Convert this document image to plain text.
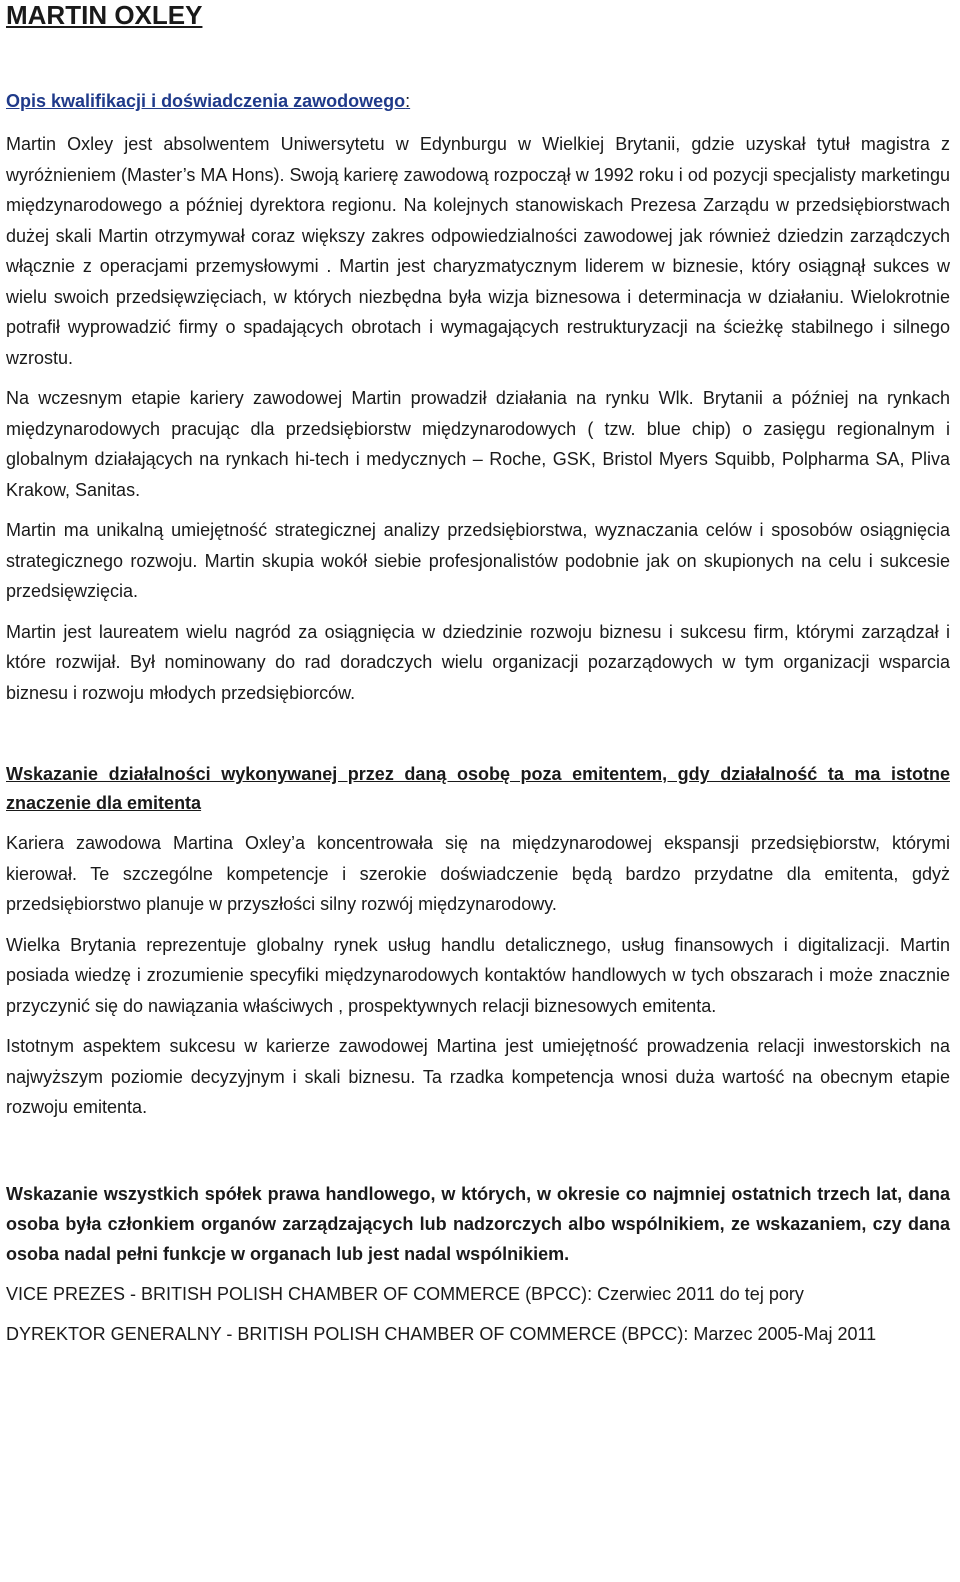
MARTIN OXLEY
Opis kwalifikacji i doświadczenia zawodowego:

Martin Oxley jest absolwentem Uniwersytetu w Edynburgu w Wielkiej Brytanii, gdzie uzyskał tytuł magistra z wyróżnieniem (Master’s MA Hons). Swoją karierę zawodową rozpoczął w 1992 roku i od pozycji specjalisty marketingu międzynarodowego a później dyrektora regionu. Na kolejnych stanowiskach Prezesa Zarządu w przedsiębiorstwach dużej skali Martin otrzymywał coraz większy zakres odpowiedzialności zawodowej jak również dziedzin zarządczych włącznie z operacjami przemysłowymi . Martin jest charyzmatycznym liderem w biznesie, który osiągnął sukces w wielu swoich przedsięwzięciach, w których niezbędna była wizja biznesowa i determinacja w działaniu. Wielokrotnie potrafił wyprowadzić firmy o spadających obrotach i wymagających restrukturyzacji na ścieżkę stabilnego i silnego wzrostu.

Na wczesnym etapie kariery zawodowej Martin prowadził działania na rynku Wlk. Brytanii a później na rynkach międzynarodowych pracując dla przedsiębiorstw międzynarodowych ( tzw. blue chip) o zasięgu regionalnym i globalnym działających na rynkach hi-tech i medycznych – Roche, GSK, Bristol Myers Squibb, Polpharma SA, Pliva Krakow, Sanitas.

Martin ma unikalną umiejętność strategicznej analizy przedsiębiorstwa, wyznaczania celów i sposobów osiągnięcia strategicznego rozwoju. Martin skupia wokół siebie profesjonalistów podobnie jak on skupionych na celu i sukcesie przedsięwzięcia.

Martin jest laureatem wielu nagród za osiągnięcia w dziedzinie rozwoju biznesu i sukcesu firm, którymi zarządzał i które rozwijał. Był nominowany do rad doradczych wielu organizacji pozarządowych w tym organizacji wsparcia biznesu i rozwoju młodych przedsiębiorców.

Wskazanie działalności wykonywanej przez daną osobę poza emitentem, gdy działalność ta ma istotne znaczenie dla emitenta

Kariera zawodowa Martina Oxley’a koncentrowała się na międzynarodowej ekspansji przedsiębiorstw, którymi kierował. Te szczególne kompetencje i szerokie doświadczenie będą bardzo przydatne dla emitenta, gdyż przedsiębiorstwo planuje w przyszłości silny rozwój międzynarodowy.

Wielka Brytania reprezentuje globalny rynek usług handlu detalicznego, usług finansowych i digitalizacji. Martin posiada wiedzę i zrozumienie specyfiki międzynarodowych kontaktów handlowych w tych obszarach i może znacznie przyczynić się do nawiązania właściwych , prospektywnych relacji biznesowych emitenta.

Istotnym aspektem sukcesu w karierze zawodowej Martina jest umiejętność prowadzenia relacji inwestorskich na najwyższym poziomie decyzyjnym i skali biznesu. Ta rzadka kompetencja wnosi duża wartość na obecnym etapie rozwoju emitenta.

Wskazanie wszystkich spółek prawa handlowego, w których, w okresie co najmniej ostatnich trzech lat, dana osoba była członkiem organów zarządzających lub nadzorczych albo wspólnikiem, ze wskazaniem, czy dana osoba nadal pełni funkcje w organach lub jest nadal wspólnikiem.
VICE PREZES - BRITISH POLISH CHAMBER OF COMMERCE (BPCC): Czerwiec 2011 do tej pory

DYREKTOR GENERALNY - BRITISH POLISH CHAMBER OF COMMERCE (BPCC): Marzec 2005-Maj 2011
